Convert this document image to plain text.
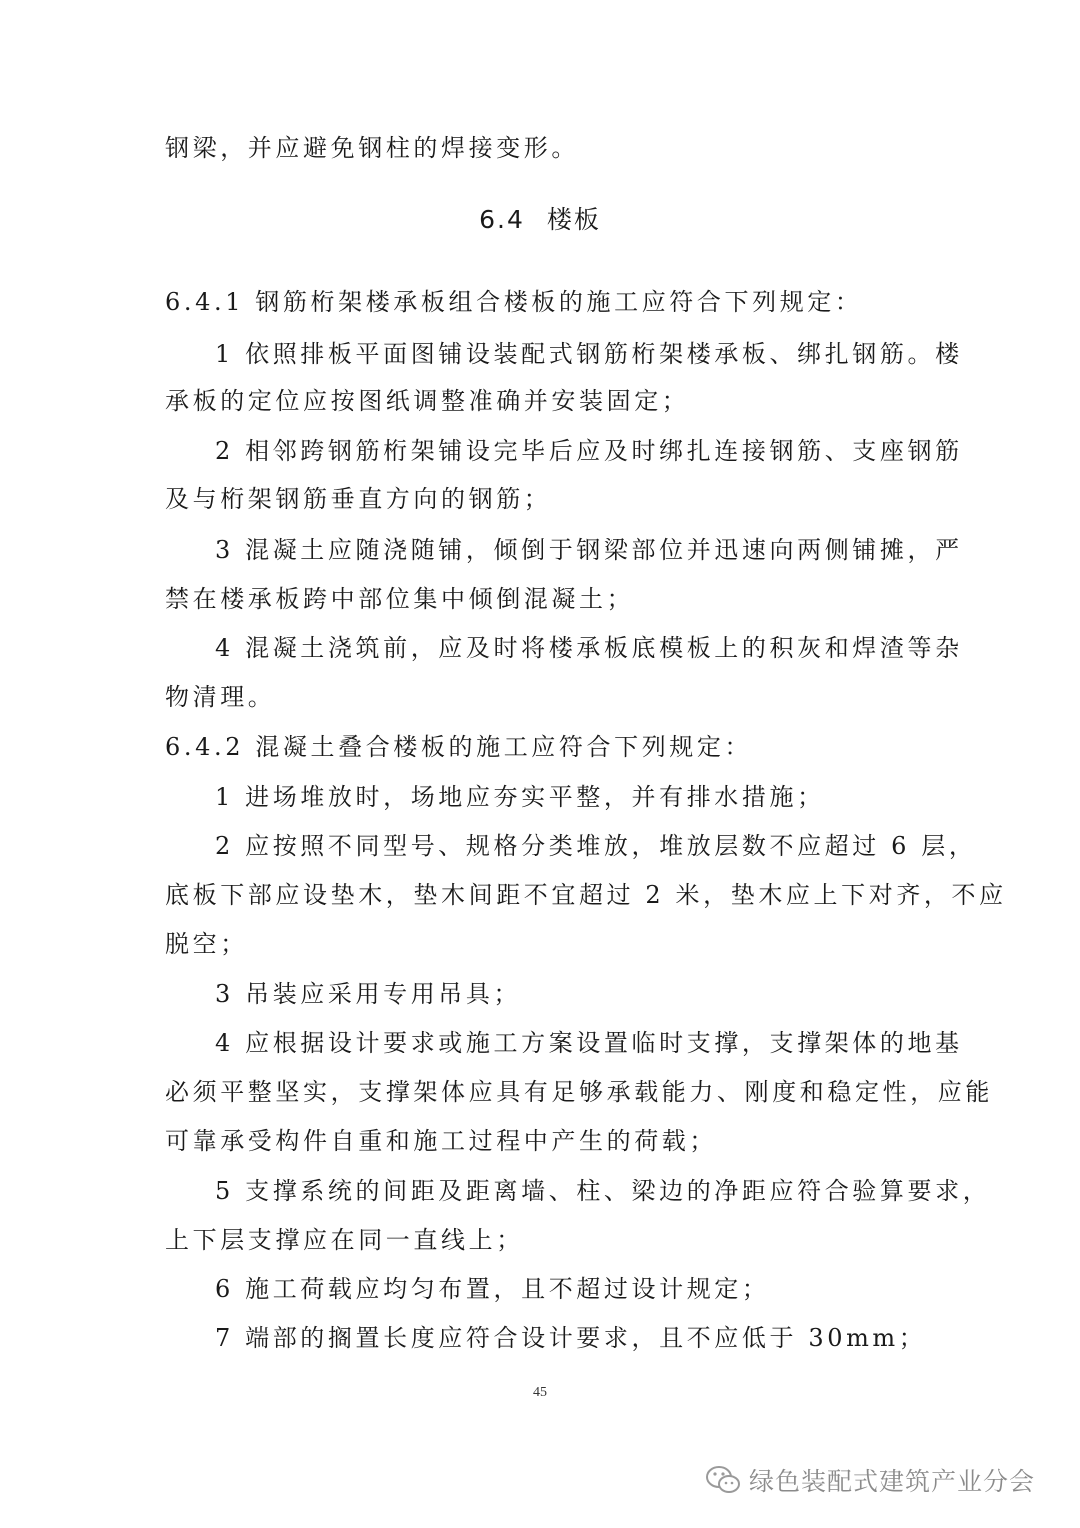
钢梁，并应避免钢柱的焊接变形。
6.4 楼板
6.4.1 钢筋桁架楼承板组合楼板的施工应符合下列规定：
1 依照排板平面图铺设装配式钢筋桁架楼承板、绑扎钢筋。楼
承板的定位应按图纸调整准确并安装固定；
2 相邻跨钢筋桁架铺设完毕后应及时绑扎连接钢筋、支座钢筋
及与桁架钢筋垂直方向的钢筋；
3 混凝土应随浇随铺，倾倒于钢梁部位并迅速向两侧铺摊，严
禁在楼承板跨中部位集中倾倒混凝土；
4 混凝土浇筑前，应及时将楼承板底模板上的积灰和焊渣等杂
物清理。
6.4.2 混凝土叠合楼板的施工应符合下列规定：
1 进场堆放时，场地应夯实平整，并有排水措施；
2 应按照不同型号、规格分类堆放，堆放层数不应超过 6 层，
底板下部应设垫木，垫木间距不宜超过 2 米，垫木应上下对齐，不应
脱空；
3 吊装应采用专用吊具；
4 应根据设计要求或施工方案设置临时支撑，支撑架体的地基
必须平整坚实，支撑架体应具有足够承载能力、刚度和稳定性，应能
可靠承受构件自重和施工过程中产生的荷载；
5 支撑系统的间距及距离墙、柱、梁边的净距应符合验算要求，
上下层支撑应在同一直线上；
6 施工荷载应均匀布置，且不超过设计规定；
7 端部的搁置长度应符合设计要求，且不应低于 30mm；
45
绿色装配式建筑产业分会
